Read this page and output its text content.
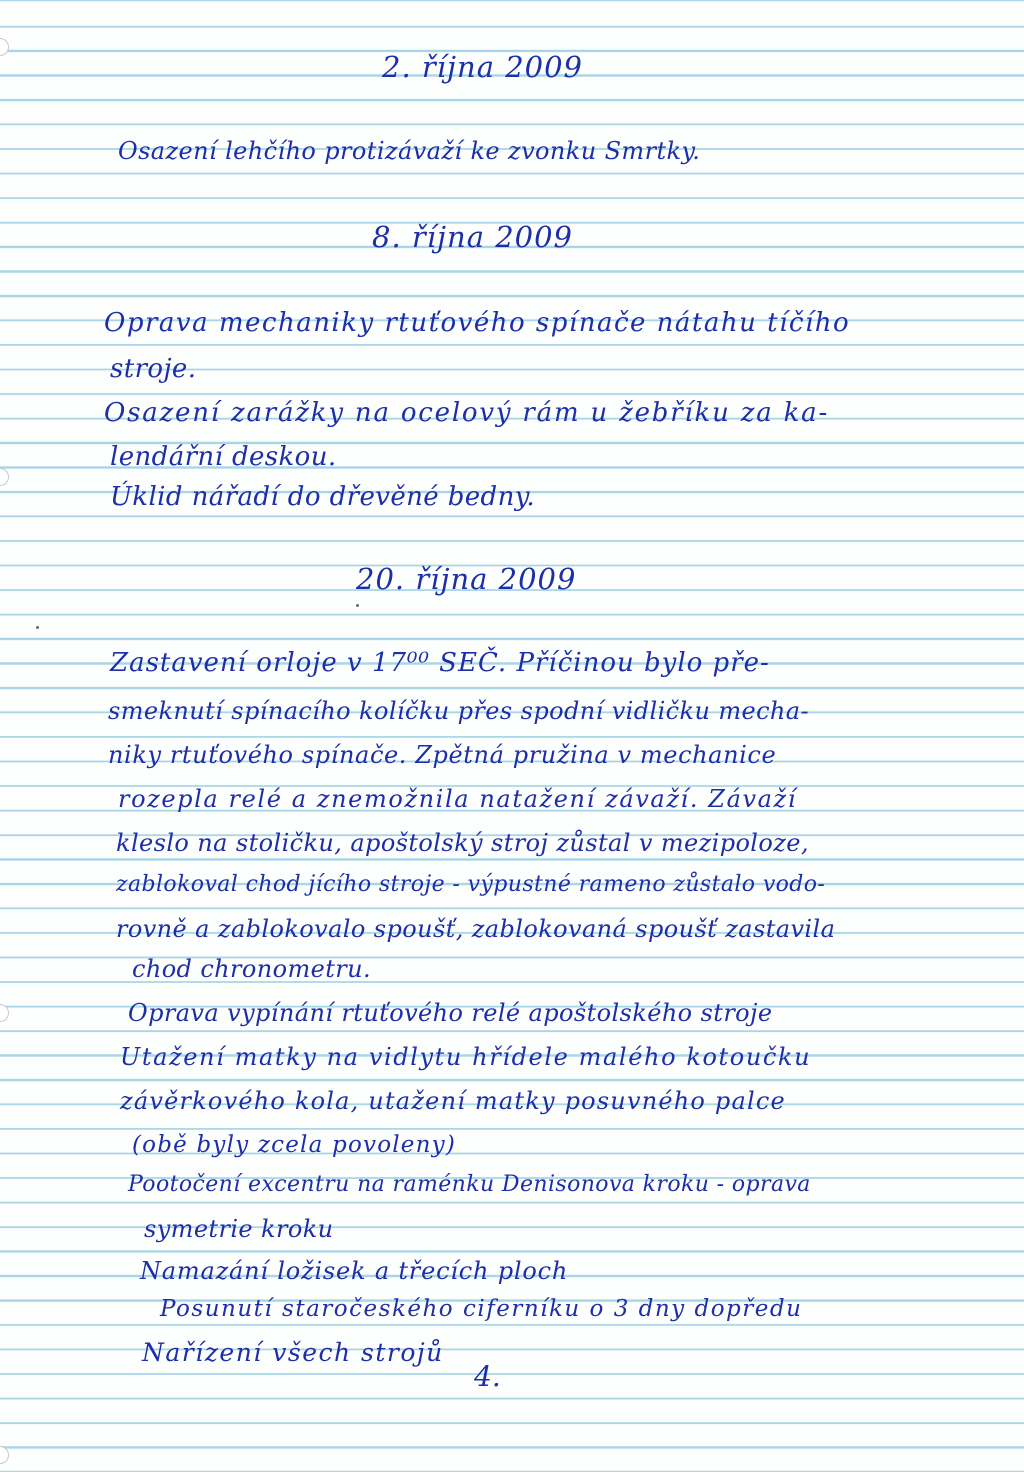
2. října 2009
Osazení lehčího protizávaží ke zvonku Smrtky.
8. října 2009
Oprava mechaniky rtuťového spínače nátahu tíčího
stroje.
Osazení zarážky na ocelový rám u žebříku za ka-
lendářní deskou.
Úklid nářadí do dřevěné bedny.
20. října 2009
Zastavení orloje v 17⁰⁰ SEČ. Příčinou bylo pře-
smeknutí spínacího kolíčku přes spodní vidličku mecha-
niky rtuťového spínače. Zpětná pružina v mechanice
rozepla relé a znemožnila natažení závaží. Závaží
kleslo na stoličku, apoštolský stroj zůstal v mezipoloze,
zablokoval chod jícího stroje - výpustné rameno zůstalo vodo-
rovně a zablokovalo spoušť, zablokovaná spoušť zastavila
chod chronometru.
Oprava vypínání rtuťového relé apoštolského stroje
Utažení matky na vidlytu hřídele malého kotoučku
závěrkového kola, utažení matky posuvného palce
(obě byly zcela povoleny)
Pootočení excentru na raménku Denisonova kroku - oprava
symetrie kroku
Namazání ložisek a třecích ploch
Posunutí staročeského ciferníku o 3 dny dopředu
Nařízení všech strojů
4.
